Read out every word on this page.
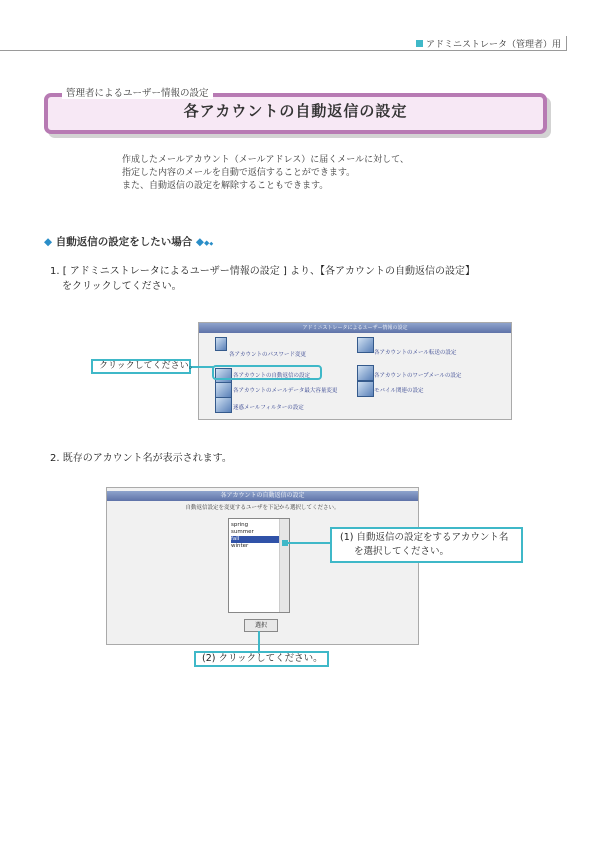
アドミニストレータ（管理者）用
管理者によるユーザー情報の設定
各アカウントの自動返信の設定
作成したメールアカウント（メールアドレス）に届くメールに対して、
指定した内容のメールを自動で返信することができます。
また、自動返信の設定を解除することもできます。
◆ 自動返信の設定をしたい場合 ◆◆◆
1. [ アドミニストレータによるユーザー情報の設定 ] より、【各アカウントの自動返信の設定】
をクリックしてください。
アドミニストレータによるユーザー情報の設定
各アカウントのパスワード変更
各アカウントの自動返信の設定
各アカウントのメールデータ最大容量変更
迷惑メールフィルターの設定
各アカウントのメール転送の設定
各アカウントのワープメールの設定
モバイル関連の設定
クリックしてください。
2. 既存のアカウント名が表示されます。
各アカウントの自動返信の設定
自動返信設定を変更するユーザを下記から選択してください。
spring
summer
fall
winter
選択
(1) 自動返信の設定をするアカウント名
を選択してください。
(2) クリックしてください。
